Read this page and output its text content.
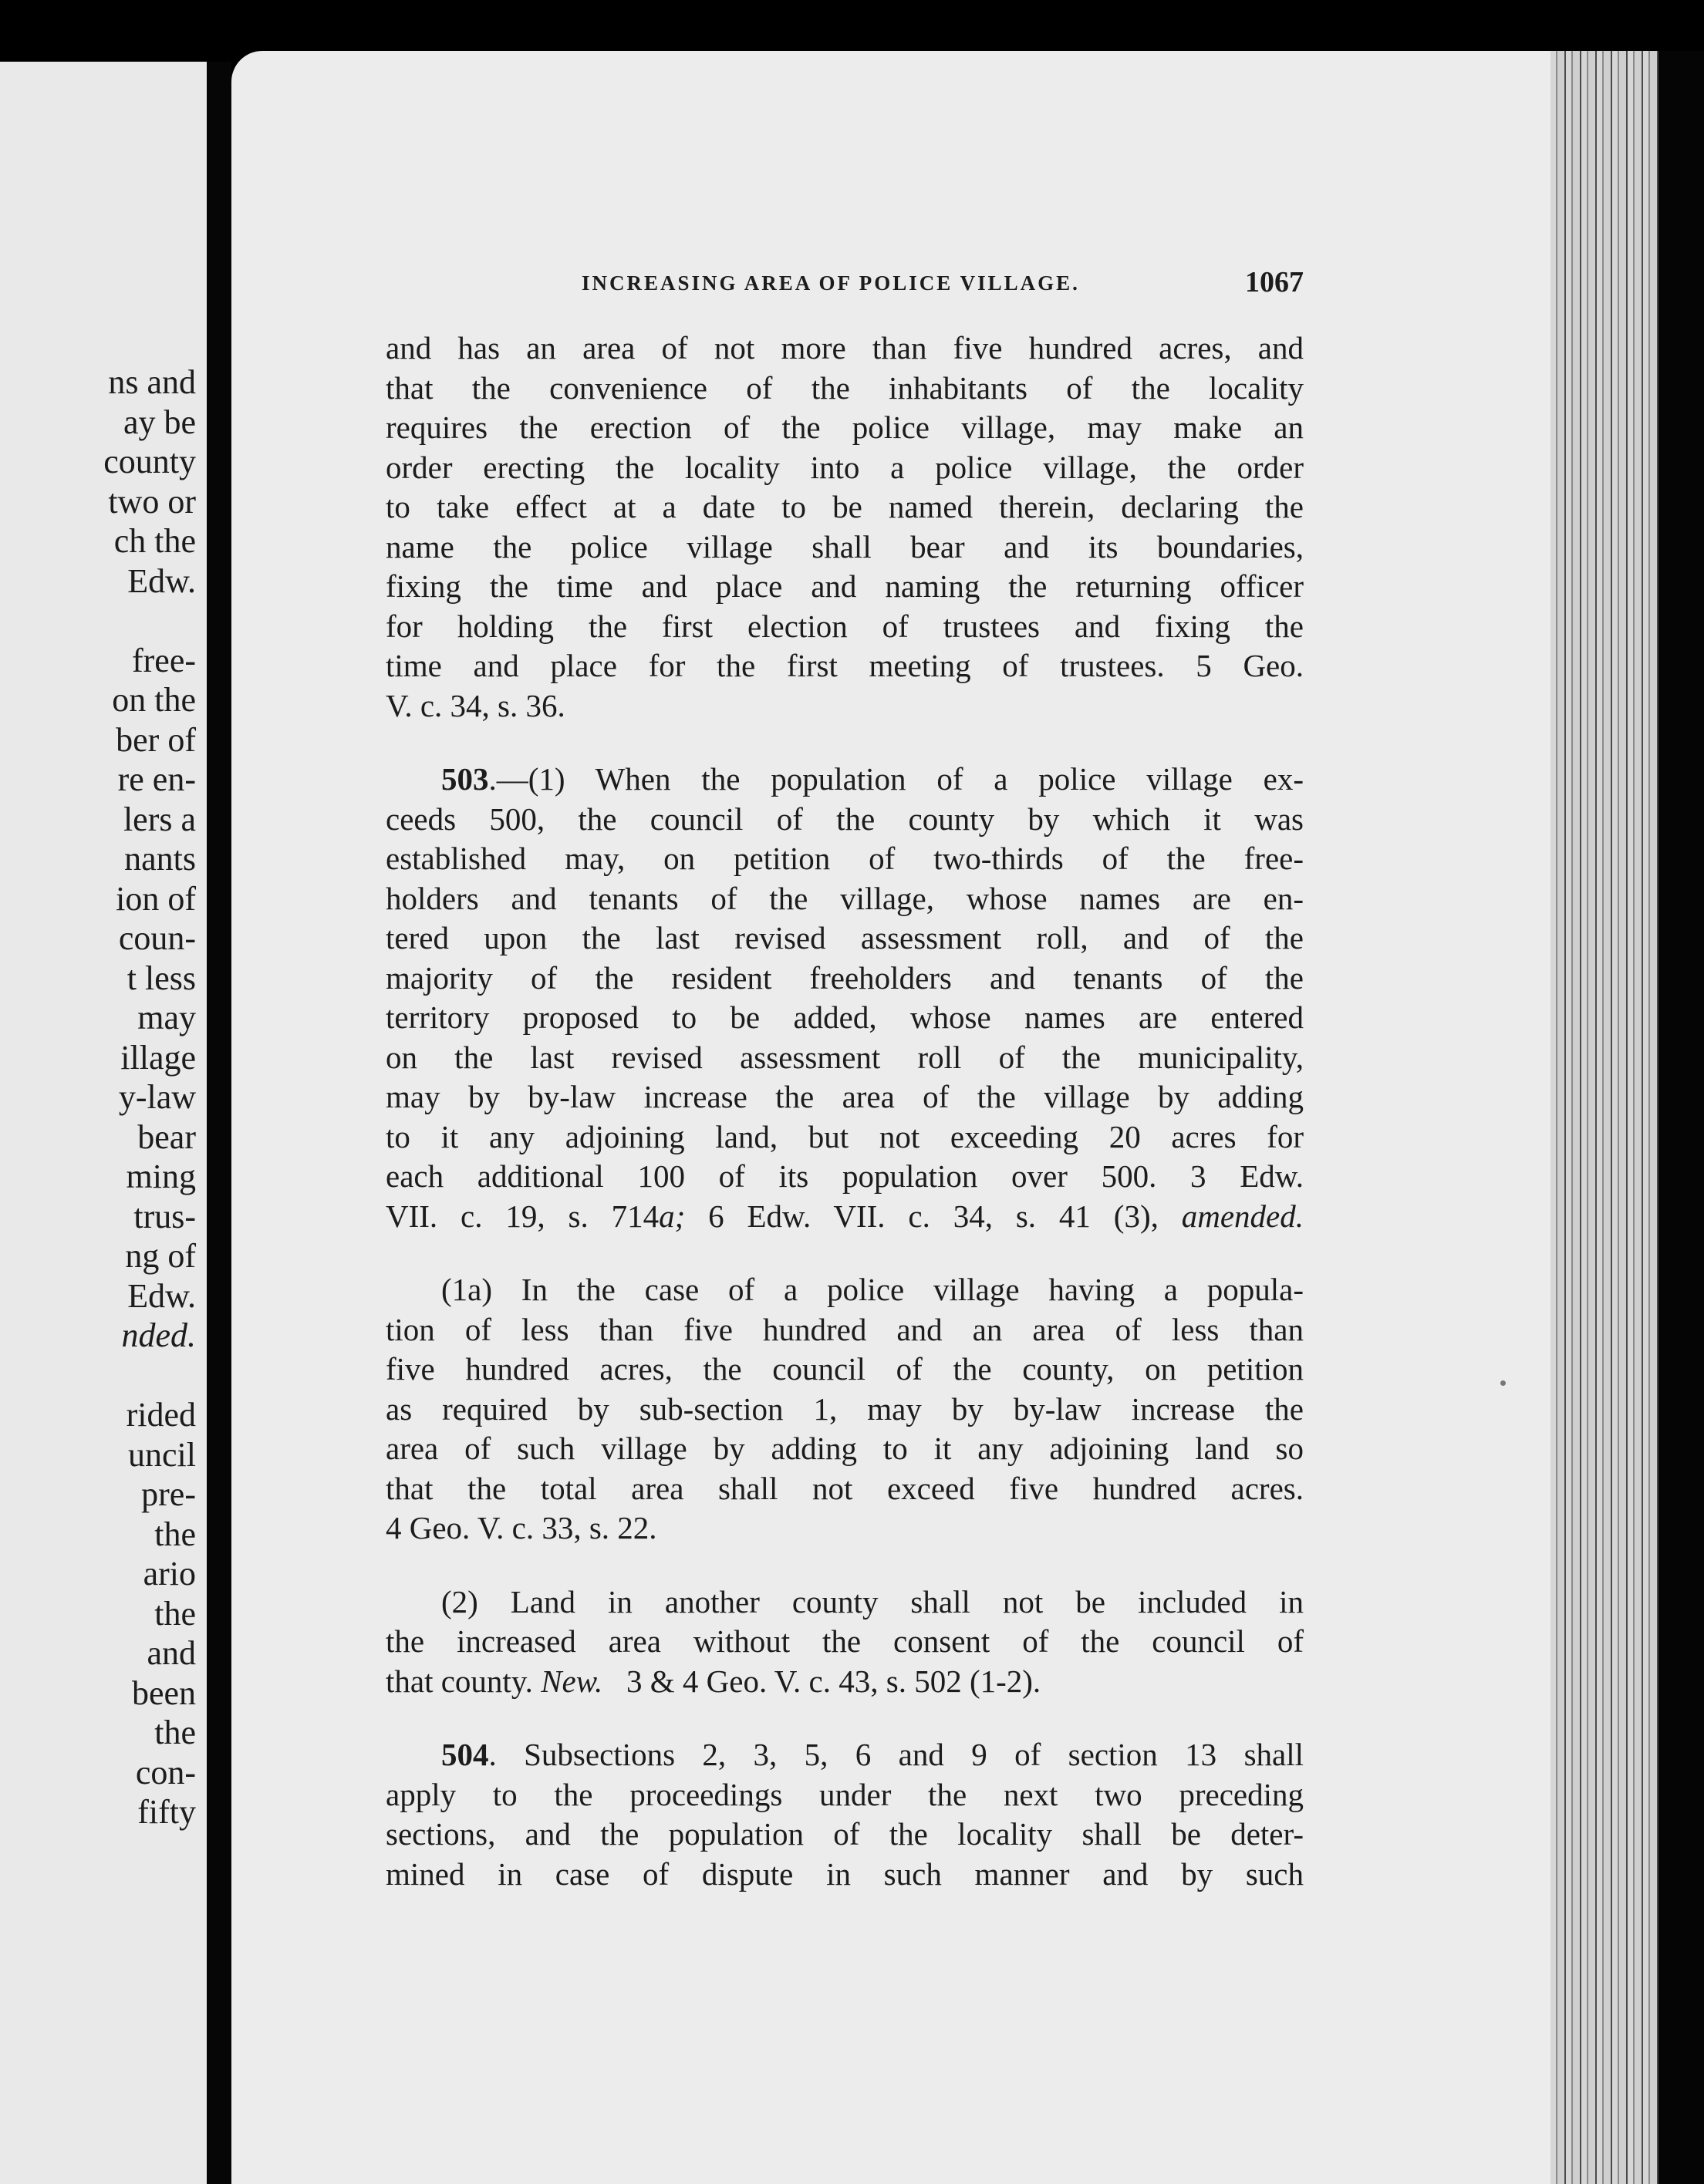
ns and
ay be
county
two or
ch the
Edw.
free-
on the
ber of
re en-
lers a
nants
ion of
coun-
t less
may
illage
y-law
bear
ming
trus-
ng of
Edw.
nded.
rided
uncil
pre-
the
ario
the
and
been
the
con-
fifty
INCREASING AREA OF POLICE VILLAGE.	1067
and has an area of not more than five hundred acres, and
that the convenience of the inhabitants of the locality
requires the erection of the police village, may make an
order erecting the locality into a police village, the order
to take effect at a date to be named therein, declaring the
name the police village shall bear and its boundaries,
fixing the time and place and naming the returning officer
for holding the first election of trustees and fixing the
time and place for the first meeting of trustees. 5 Geo.
V. c. 34, s. 36.
503.—(1) When the population of a police village ex-
ceeds 500, the council of the county by which it was
established may, on petition of two-thirds of the free-
holders and tenants of the village, whose names are en-
tered upon the last revised assessment roll, and of the
majority of the resident freeholders and tenants of the
territory proposed to be added, whose names are entered
on the last revised assessment roll of the municipality,
may by by-law increase the area of the village by adding
to it any adjoining land, but not exceeding 20 acres for
each additional 100 of its population over 500. 3 Edw.
VII. c. 19, s. 714a; 6 Edw. VII. c. 34, s. 41 (3), amended.
(1a) In the case of a police village having a popula-
tion of less than five hundred and an area of less than
five hundred acres, the council of the county, on petition
as required by sub-section 1, may by by-law increase the
area of such village by adding to it any adjoining land so
that the total area shall not exceed five hundred acres.
4 Geo. V. c. 33, s. 22.
(2) Land in another county shall not be included in
the increased area without the consent of the council of
that county. New.   3 & 4 Geo. V. c. 43, s. 502 (1-2).
504. Subsections 2, 3, 5, 6 and 9 of section 13 shall
apply to the proceedings under the next two preceding
sections, and the population of the locality shall be deter-
mined in case of dispute in such manner and by such
